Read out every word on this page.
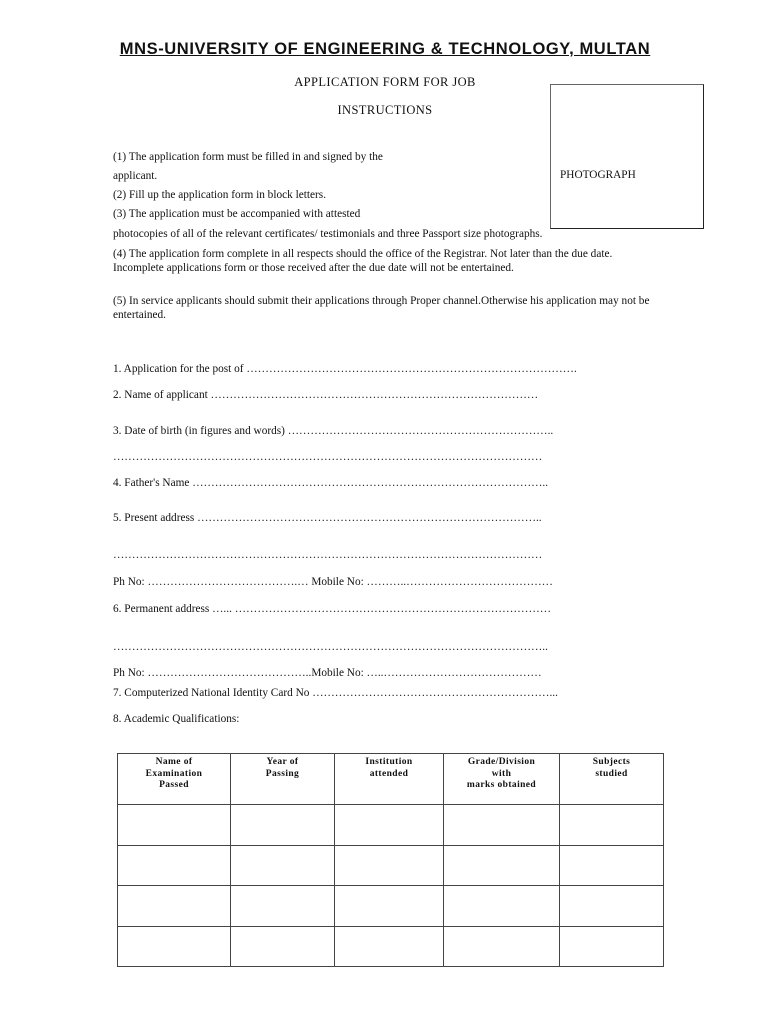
MNS-UNIVERSITY OF ENGINEERING & TECHNOLOGY, MULTAN
APPLICATION FORM FOR JOB
INSTRUCTIONS
PHOTOGRAPH
(1) The application form must be filled in and signed by the
applicant.
(2) Fill up the application form in block letters.
(3) The application must be accompanied with attested
photocopies of all of the relevant certificates/ testimonials and three Passport size photographs.
(4) The application form complete in all respects should the office of the Registrar. Not later than the due date. Incomplete applications form or those received after the due date will not be entertained.
(5) In service applicants should submit their applications through Proper channel.Otherwise his application may not be entertained.
1. Application for the post of …………………………………………………………………………….
2. Name of applicant ……………………………………………………………………………
3. Date of birth (in figures and words) ……………………………………………………………..
……………………………………………………………………………………………………
4. Father's Name …………………………………………………………………………………..
5. Present address ………………………………………………………………………………..
……………………………………………………………………………………………………
Ph No: ………………………………….… Mobile No: ………..…………………………………
6. Permanent address …... …………………………………………………………………………
……………………………………………………………………………………………………..
Ph No: ……………………………………..Mobile No: …..……………………………………
7. Computerized National Identity Card No ………………………………………………………...
8. Academic Qualifications:
Name of
Examination
Passed	Year of
Passing	Institution
attended	Grade/Division
with
marks obtained	Subjects
studied
